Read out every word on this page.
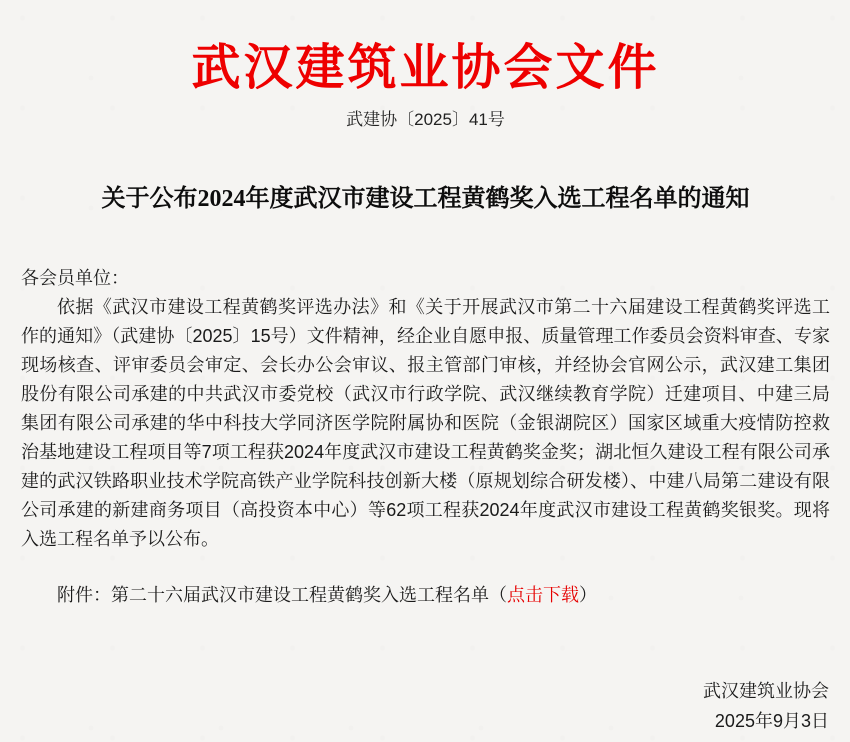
武汉建筑业协会文件
武建协〔2025〕41号
关于公布2024年度武汉市建设工程黄鹤奖入选工程名单的通知
各会员单位：

依据《武汉市建设工程黄鹤奖评选办法》和《关于开展武汉市第二十六届建设工程黄鹤奖评选工作的通知》（武建协〔2025〕15号）文件精神，经企业自愿申报、质量管理工作委员会资料审查、专家现场核查、评审委员会审定、会长办公会审议、报主管部门审核，并经协会官网公示，武汉建工集团股份有限公司承建的中共武汉市委党校（武汉市行政学院、武汉继续教育学院）迁建项目、中建三局集团有限公司承建的华中科技大学同济医学院附属协和医院（金银湖院区）国家区域重大疫情防控救治基地建设工程项目等7项工程获2024年度武汉市建设工程黄鹤奖金奖；湖北恒久建设工程有限公司承建的武汉铁路职业技术学院高铁产业学院科技创新大楼（原规划综合研发楼）、中建八局第二建设有限公司承建的新建商务项目（高投资本中心）等62项工程获2024年度武汉市建设工程黄鹤奖银奖。现将入选工程名单予以公布。

附件：第二十六届武汉市建设工程黄鹤奖入选工程名单（点击下载）
武汉建筑业协会
2025年9月3日
